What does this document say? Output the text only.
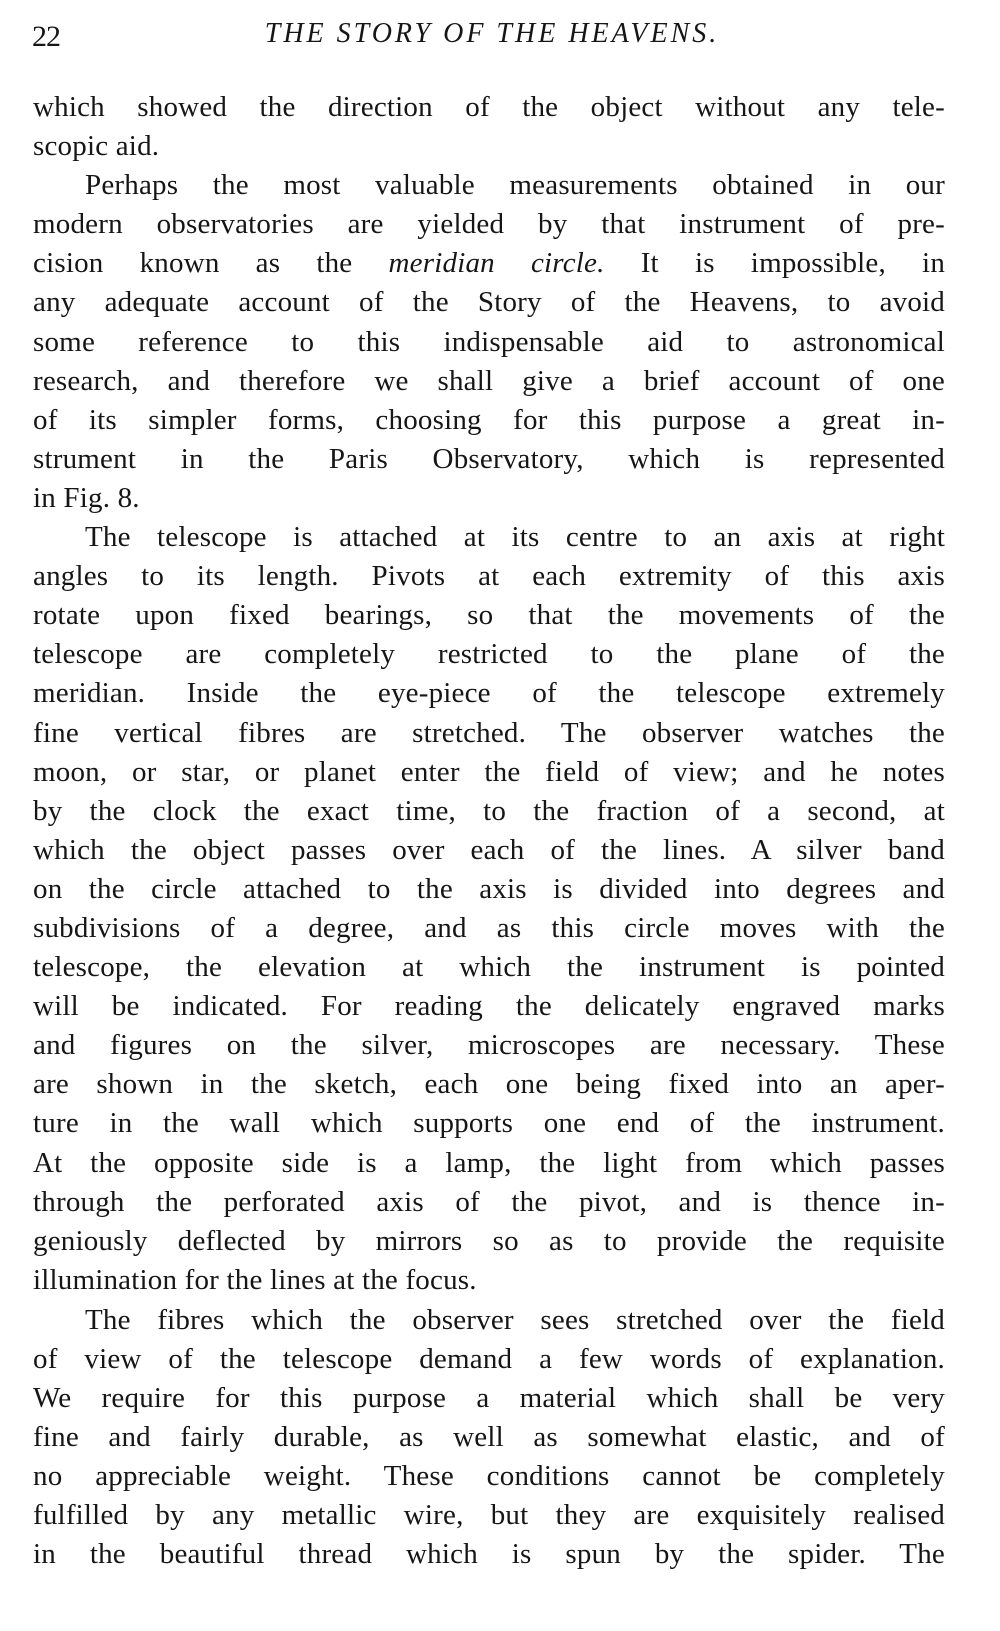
22	THE STORY OF THE HEAVENS.
which showed the direction of the object without any tele-
scopic aid.
Perhaps the most valuable measurements obtained in our
modern observatories are yielded by that instrument of pre-
cision known as the meridian circle. It is impossible, in
any adequate account of the Story of the Heavens, to avoid
some reference to this indispensable aid to astronomical
research, and therefore we shall give a brief account of one
of its simpler forms, choosing for this purpose a great in-
strument in the Paris Observatory, which is represented
in Fig. 8.
The telescope is attached at its centre to an axis at right
angles to its length. Pivots at each extremity of this axis
rotate upon fixed bearings, so that the movements of the
telescope are completely restricted to the plane of the
meridian. Inside the eye-piece of the telescope extremely
fine vertical fibres are stretched. The observer watches the
moon, or star, or planet enter the field of view; and he notes
by the clock the exact time, to the fraction of a second, at
which the object passes over each of the lines. A silver band
on the circle attached to the axis is divided into degrees and
subdivisions of a degree, and as this circle moves with the
telescope, the elevation at which the instrument is pointed
will be indicated. For reading the delicately engraved marks
and figures on the silver, microscopes are necessary. These
are shown in the sketch, each one being fixed into an aper-
ture in the wall which supports one end of the instrument.
At the opposite side is a lamp, the light from which passes
through the perforated axis of the pivot, and is thence in-
geniously deflected by mirrors so as to provide the requisite
illumination for the lines at the focus.
The fibres which the observer sees stretched over the field
of view of the telescope demand a few words of explanation.
We require for this purpose a material which shall be very
fine and fairly durable, as well as somewhat elastic, and of
no appreciable weight. These conditions cannot be completely
fulfilled by any metallic wire, but they are exquisitely realised
in the beautiful thread which is spun by the spider. The
